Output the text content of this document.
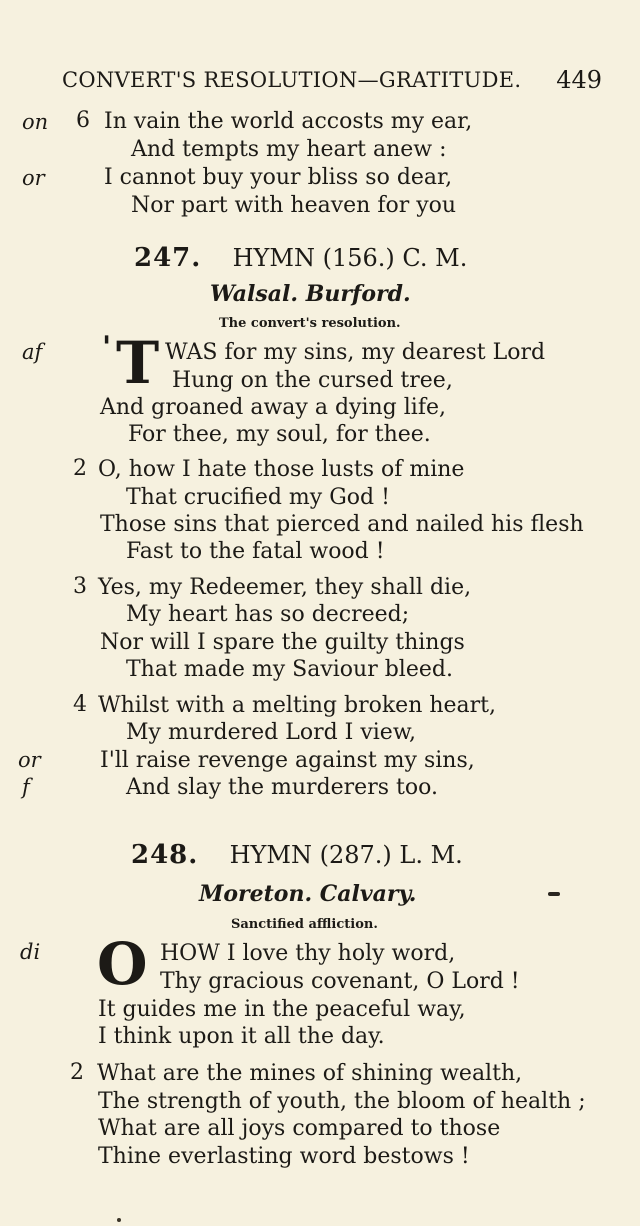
CONVERT'S RESOLUTION—GRATITUDE. 449
on 6 In vain the world accosts my ear,
And tempts my heart anew :
or	I cannot buy your bliss so dear,
Nor part with heaven for you
247. HYMN (156.) C. M.
Walsal. Burford.
The convert's resolution.
af ' T WAS for my sins, my dearest Lord
Hung on the cursed tree,
And groaned away a dying life,
For thee, my soul, for thee.
2 O, how I hate those lusts of mine
That crucified my God !
Those sins that pierced and nailed his flesh
Fast to the fatal wood !
3 Yes, my Redeemer, they shall die,
My heart has so decreed;
Nor will I spare the guilty things
That made my Saviour bleed.
4 Whilst with a melting broken heart,
My murdered Lord I view,
or	I'll raise revenge against my sins,
f	And slay the murderers too.
248. HYMN (287.) L. M.
Moreton. Calvary.
Sanctified affliction.
di O HOW I love thy holy word,
Thy gracious covenant, O Lord !
It guides me in the peaceful way,
I think upon it all the day.
2 What are the mines of shining wealth,
The strength of youth, the bloom of health ;
What are all joys compared to those
Thine everlasting word bestows !
